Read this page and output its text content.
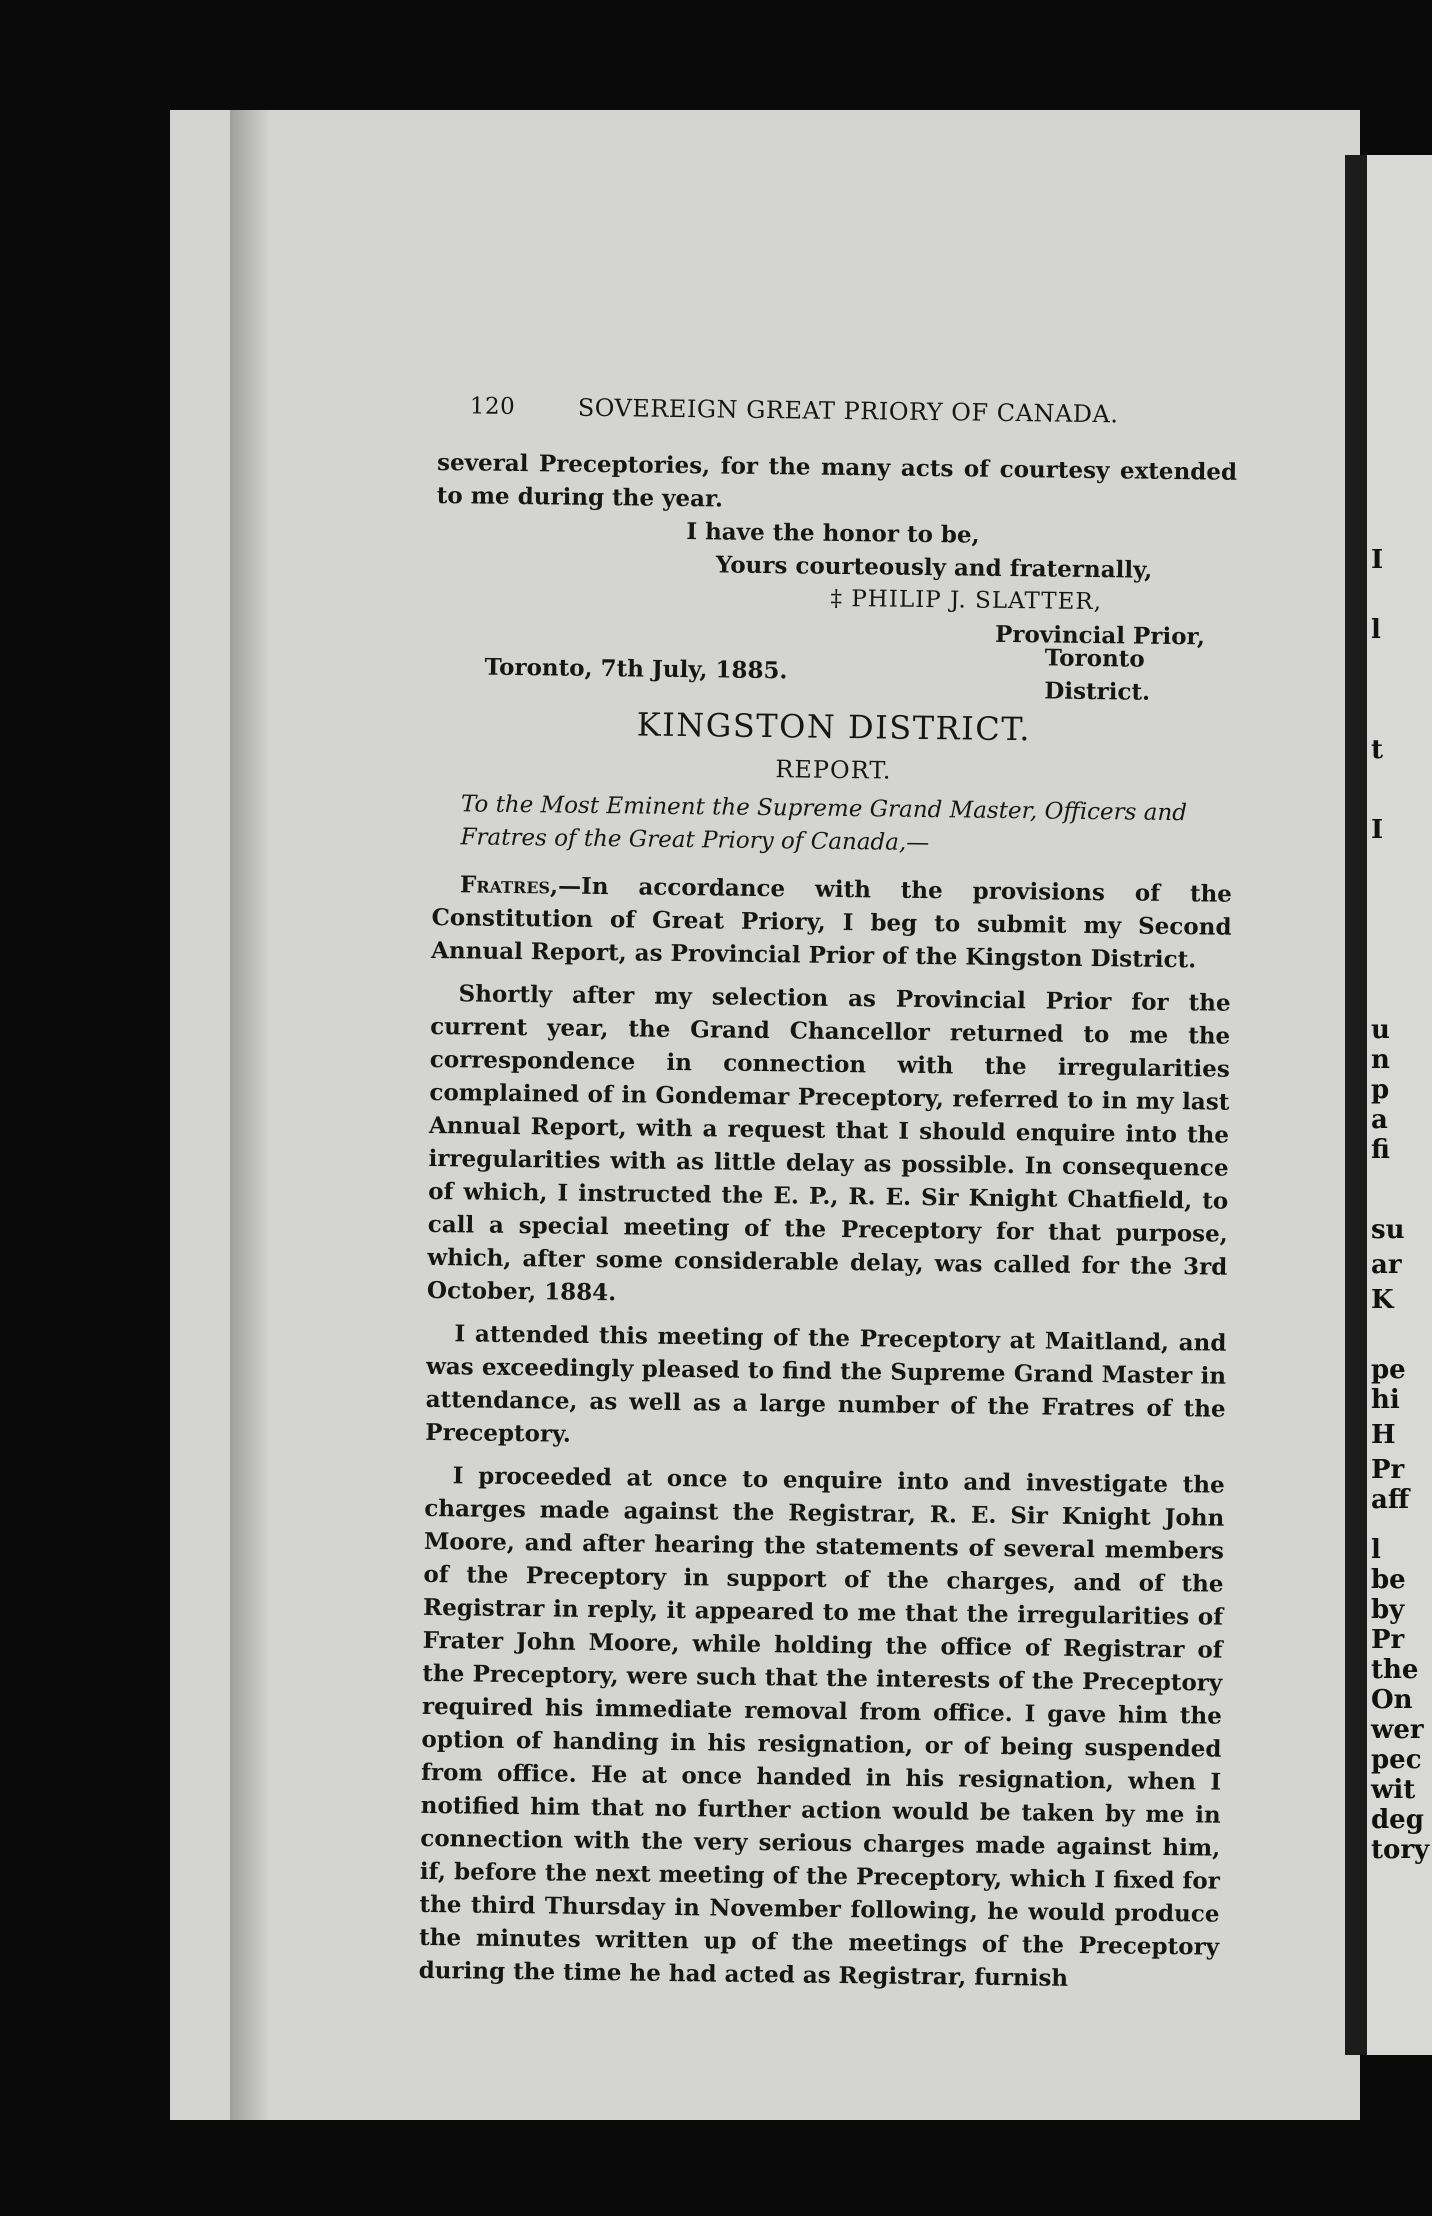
I
l
t
I
u
n
p
a
fi
su
ar
K
pe
hi
H
Pr
aff
l
be
by
Pr
the
On
wer
pec
wit
deg
tory
120	SOVEREIGN GREAT PRIORY OF CANADA.

several Preceptories, for the many acts of courtesy extended to me during the year.

I have the honor to be,
Yours courteously and fraternally,
‡ PHILIP J. SLATTER,
Provincial Prior,
Toronto, 7th July, 1885.	Toronto District.
KINGSTON DISTRICT.
REPORT.

To the Most Eminent the Supreme Grand Master, Officers and Fratres of the Great Priory of Canada,—

Fratres,—In accordance with the provisions of the Constitution of Great Priory, I beg to submit my Second Annual Report, as Provincial Prior of the Kingston District.

Shortly after my selection as Provincial Prior for the current year, the Grand Chancellor returned to me the correspondence in connection with the irregularities complained of in Gondemar Preceptory, referred to in my last Annual Report, with a request that I should enquire into the irregularities with as little delay as possible. In consequence of which, I instructed the E. P., R. E. Sir Knight Chatfield, to call a special meeting of the Preceptory for that purpose, which, after some considerable delay, was called for the 3rd October, 1884.

I attended this meeting of the Preceptory at Maitland, and was exceedingly pleased to find the Supreme Grand Master in attendance, as well as a large number of the Fratres of the Preceptory.

I proceeded at once to enquire into and investigate the charges made against the Registrar, R. E. Sir Knight John Moore, and after hearing the statements of several members of the Preceptory in support of the charges, and of the Registrar in reply, it appeared to me that the irregularities of Frater John Moore, while holding the office of Registrar of the Preceptory, were such that the interests of the Preceptory required his immediate removal from office. I gave him the option of handing in his resignation, or of being suspended from office. He at once handed in his resignation, when I notified him that no further action would be taken by me in connection with the very serious charges made against him, if, before the next meeting of the Preceptory, which I fixed for the third Thursday in November following, he would produce the minutes written up of the meetings of the Preceptory during the time he had acted as Registrar, furnish
